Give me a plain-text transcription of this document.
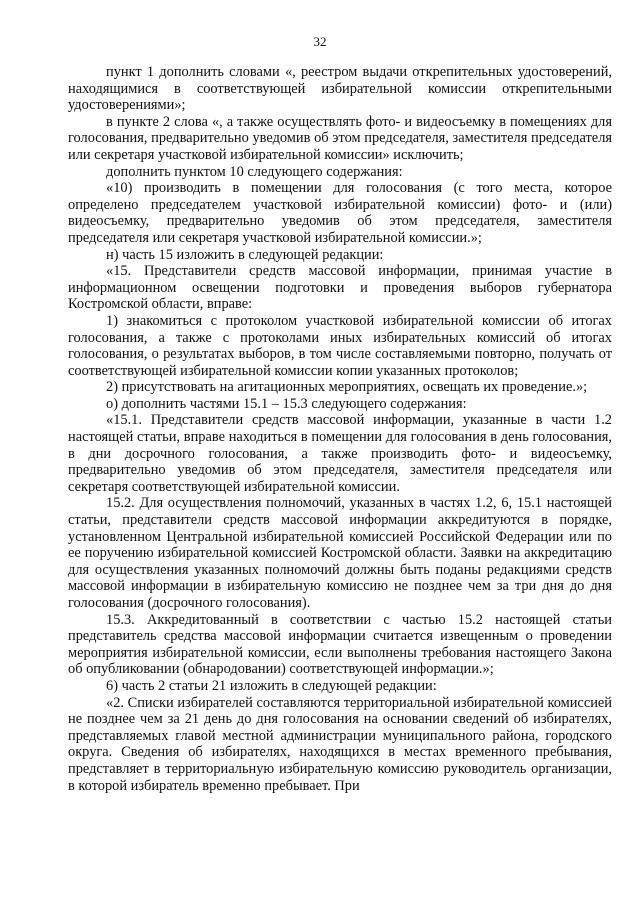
32

пункт 1 дополнить словами «, реестром выдачи открепительных удостоверений, находящимися в соответствующей избирательной комиссии открепительными удостоверениями»;

в пункте 2 слова «, а также осуществлять фото- и видеосъемку в помещениях для голосования, предварительно уведомив об этом председателя, заместителя председателя или секретаря участковой избирательной комиссии» исключить;

дополнить пунктом 10 следующего содержания:

«10) производить в помещении для голосования (с того места, которое определено председателем участковой избирательной комиссии) фото- и (или) видеосъемку, предварительно уведомив об этом председателя, заместителя председателя или секретаря участковой избирательной комиссии.»;

н) часть 15 изложить в следующей редакции:

«15. Представители средств массовой информации, принимая участие в информационном освещении подготовки и проведения выборов губернатора Костромской области, вправе:

1) знакомиться с протоколом участковой избирательной комиссии об итогах голосования, а также с протоколами иных избирательных комиссий об итогах голосования, о результатах выборов, в том числе составляемыми повторно, получать от соответствующей избирательной комиссии копии указанных протоколов;

2) присутствовать на агитационных мероприятиях, освещать их проведение.»;

о) дополнить частями 15.1 – 15.3 следующего содержания:

«15.1. Представители средств массовой информации, указанные в части 1.2 настоящей статьи, вправе находиться в помещении для голосования в день голосования, в дни досрочного голосования, а также производить фото- и видеосъемку, предварительно уведомив об этом председателя, заместителя председателя или секретаря соответствующей избирательной комиссии.

15.2. Для осуществления полномочий, указанных в частях 1.2, 6, 15.1 настоящей статьи, представители средств массовой информации аккредитуются в порядке, установленном Центральной избирательной комиссией Российской Федерации или по ее поручению избирательной комиссией Костромской области. Заявки на аккредитацию для осуществления указанных полномочий должны быть поданы редакциями средств массовой информации в избирательную комиссию не позднее чем за три дня до дня голосования (досрочного голосования).

15.3. Аккредитованный в соответствии с частью 15.2 настоящей статьи представитель средства массовой информации считается извещенным о проведении мероприятия избирательной комиссии, если выполнены требования настоящего Закона об опубликовании (обнародовании) соответствующей информации.»;

6) часть 2 статьи 21 изложить в следующей редакции:

«2. Списки избирателей составляются территориальной избирательной комиссией не позднее чем за 21 день до дня голосования на основании сведений об избирателях, представляемых главой местной администрации муниципального района, городского округа. Сведения об избирателях, находящихся в местах временного пребывания, представляет в территориальную избирательную комиссию руководитель организации, в которой избиратель временно пребывает. При
